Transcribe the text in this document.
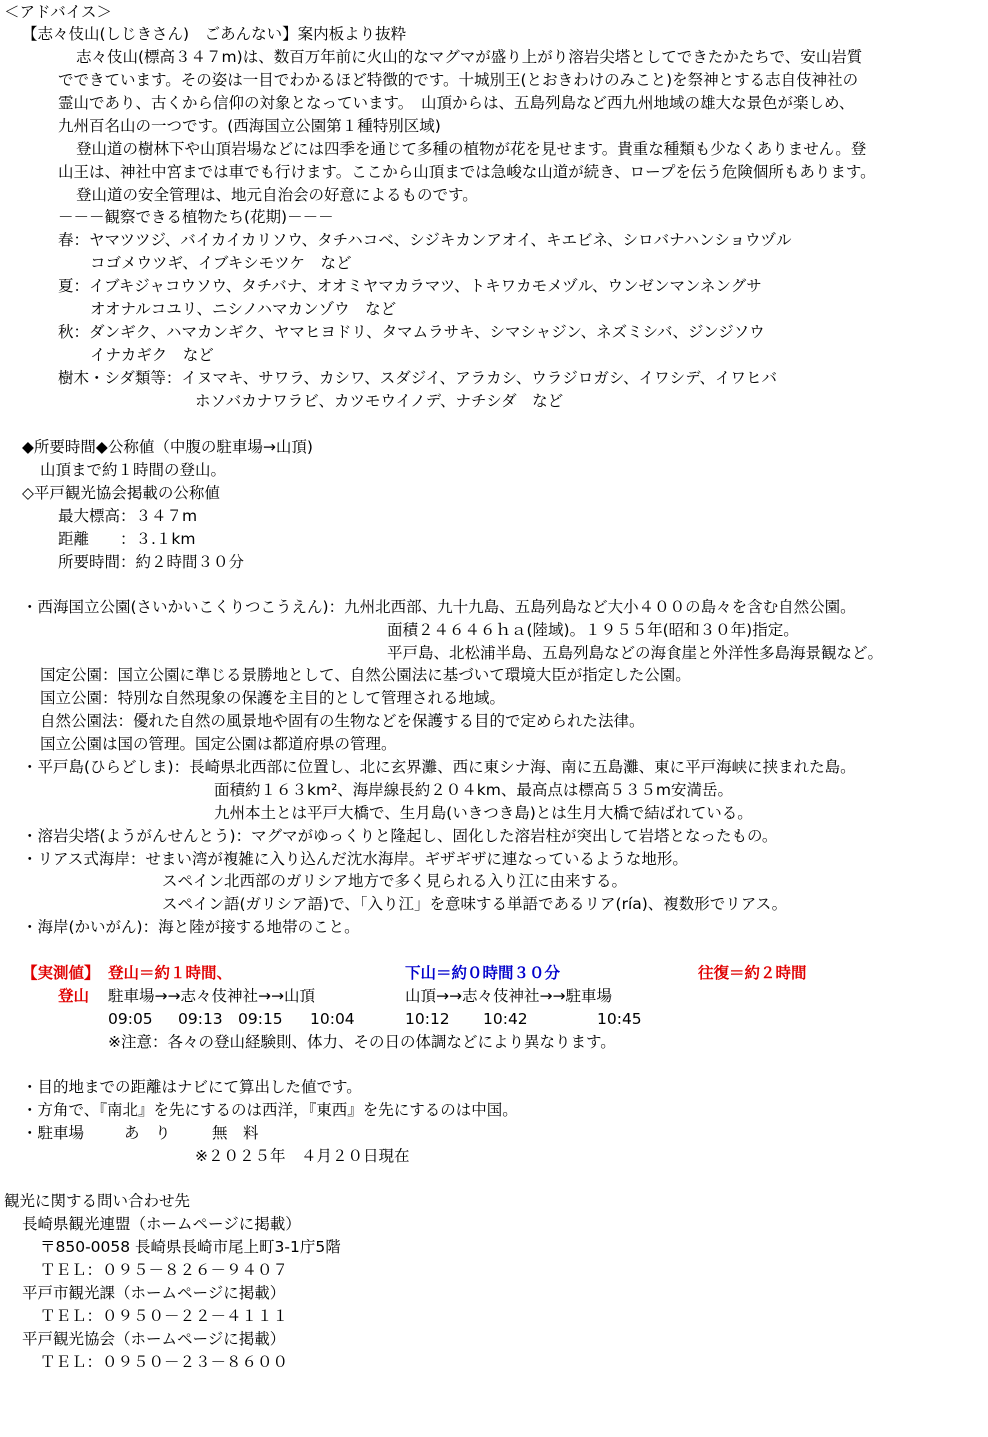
＜アドバイス＞
【志々伎山(しじきさん)　ごあんない】案内板より抜粋
志々伎山(標高３４７m)は、数百万年前に火山的なマグマが盛り上がり溶岩尖塔としてできたかたちで、安山岩質
でできています。その姿は一目でわかるほど特徴的です。十城別王(とおきわけのみこと)を祭神とする志自伎神社の
霊山であり、古くから信仰の対象となっています。　山頂からは、五島列島など西九州地域の雄大な景色が楽しめ、
九州百名山の一つです。(西海国立公園第１種特別区域)
登山道の樹林下や山頂岩場などには四季を通じて多種の植物が花を見せます。貴重な種類も少なくありません。登
山王は、神社中宮までは車でも行けます。ここから山頂までは急峻な山道が続き、ロープを伝う危険個所もあります。
登山道の安全管理は、地元自治会の好意によるものです。
－－－観察できる植物たち(花期)－－－
春：ヤマツツジ、バイカイカリソウ、タチハコベ、シジキカンアオイ、キエビネ、シロバナハンショウヅル
コゴメウツギ、イブキシモツケ　など
夏：イブキジャコウソウ、タチバナ、オオミヤマカラマツ、トキワカモメヅル、ウンゼンマンネングサ
オオナルコユリ、ニシノハマカンゾウ　など
秋：ダンギク、ハマカンギク、ヤマヒヨドリ、タマムラサキ、シマシャジン、ネズミシバ、ジンジソウ
イナカギク　など
樹木・シダ類等：イヌマキ、サワラ、カシワ、スダジイ、アラカシ、ウラジロガシ、イワシデ、イワヒバ
ホソバカナワラビ、カツモウイノデ、ナチシダ　など
◆所要時間◆公称値（中腹の駐車場→山頂)
山頂まで約１時間の登山。
◇平戸観光協会掲載の公称値
最大標高：３４７m
距離　　：３.１km
所要時間：約２時間３０分
・西海国立公園(さいかいこくりつこうえん)：九州北西部、九十九島、五島列島など大小４００の島々を含む自然公園。
面積２４６４６ｈａ(陸域)。１９５５年(昭和３０年)指定。
平戸島、北松浦半島、五島列島などの海食崖と外洋性多島海景観など。
国定公園：国立公園に準じる景勝地として、自然公園法に基づいて環境大臣が指定した公園。
国立公園：特別な自然現象の保護を主目的として管理される地域。
自然公園法：優れた自然の風景地や固有の生物などを保護する目的で定められた法律。
国立公園は国の管理。国定公園は都道府県の管理。
・平戸島(ひらどしま)：長崎県北西部に位置し、北に玄界灘、西に東シナ海、南に五島灘、東に平戸海峡に挟まれた島。
面積約１６３km²、海岸線長約２０４km、最高点は標高５３５m安満岳。
九州本土とは平戸大橋で、生月島(いきつき島)とは生月大橋で結ばれている。
・溶岩尖塔(ようがんせんとう)：マグマがゆっくりと隆起し、固化した溶岩柱が突出して岩塔となったもの。
・リアス式海岸：せまい湾が複雑に入り込んだ沈水海岸。ギザギザに連なっているような地形。
スペイン北西部のガリシア地方で多く見られる入り江に由来する。
スペイン語(ガリシア語)で、「入り江」を意味する単語であるリア(ría)、複数形でリアス。
・海岸(かいがん)：海と陸が接する地帯のこと。
【実測値】 登山＝約１時間、	下山＝約０時間３０分	往復＝約２時間
登山 駐車場→→志々伎神社→→山頂	山頂→→志々伎神社→→駐車場
09:05 09:13 09:15 10:04	10:12 10:42	10:45
※注意：各々の登山経験則、体力、その日の体調などにより異なります。
・目的地までの距離はナビにて算出した値です。
・方角で、『南北』を先にするのは西洋，『東西』を先にするのは中国。
・駐車場	あ　り	無　料
※２０２５年　４月２０日現在
観光に関する問い合わせ先
長崎県観光連盟（ホームページに掲載）
〒850-0058 長崎県長崎市尾上町3-1庁5階
ＴＥＬ：０９５－８２６－９４０７
平戸市観光課（ホームページに掲載）
ＴＥＬ：０９５０－２２－４１１１
平戸観光協会（ホームページに掲載）
ＴＥＬ：０９５０－２３－８６００
